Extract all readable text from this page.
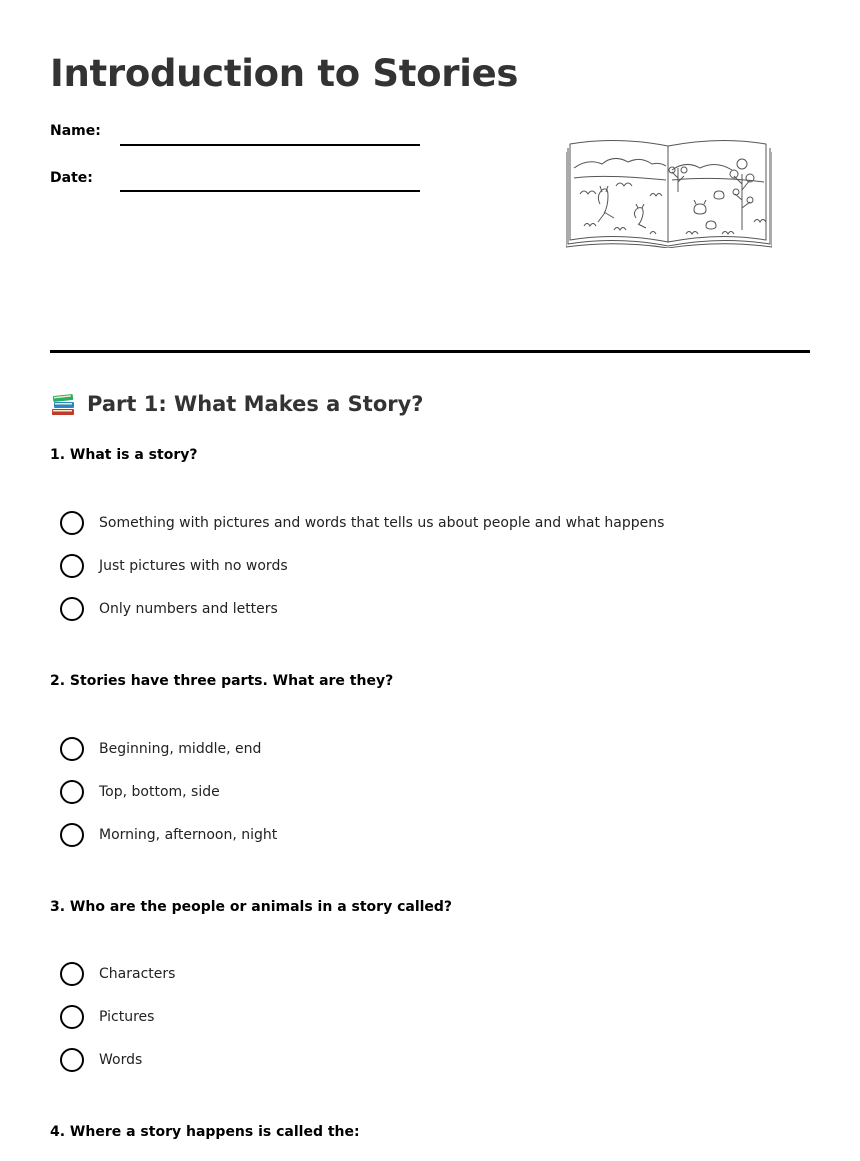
Introduction to Stories
Name:
Date:
Part 1: What Makes a Story?

1. What is a story?

Something with pictures and words that tells us about people and what happens
Just pictures with no words
Only numbers and letters

2. Stories have three parts. What are they?

Beginning, middle, end
Top, bottom, side
Morning, afternoon, night

3. Who are the people or animals in a story called?

Characters
Pictures
Words

4. Where a story happens is called the:
